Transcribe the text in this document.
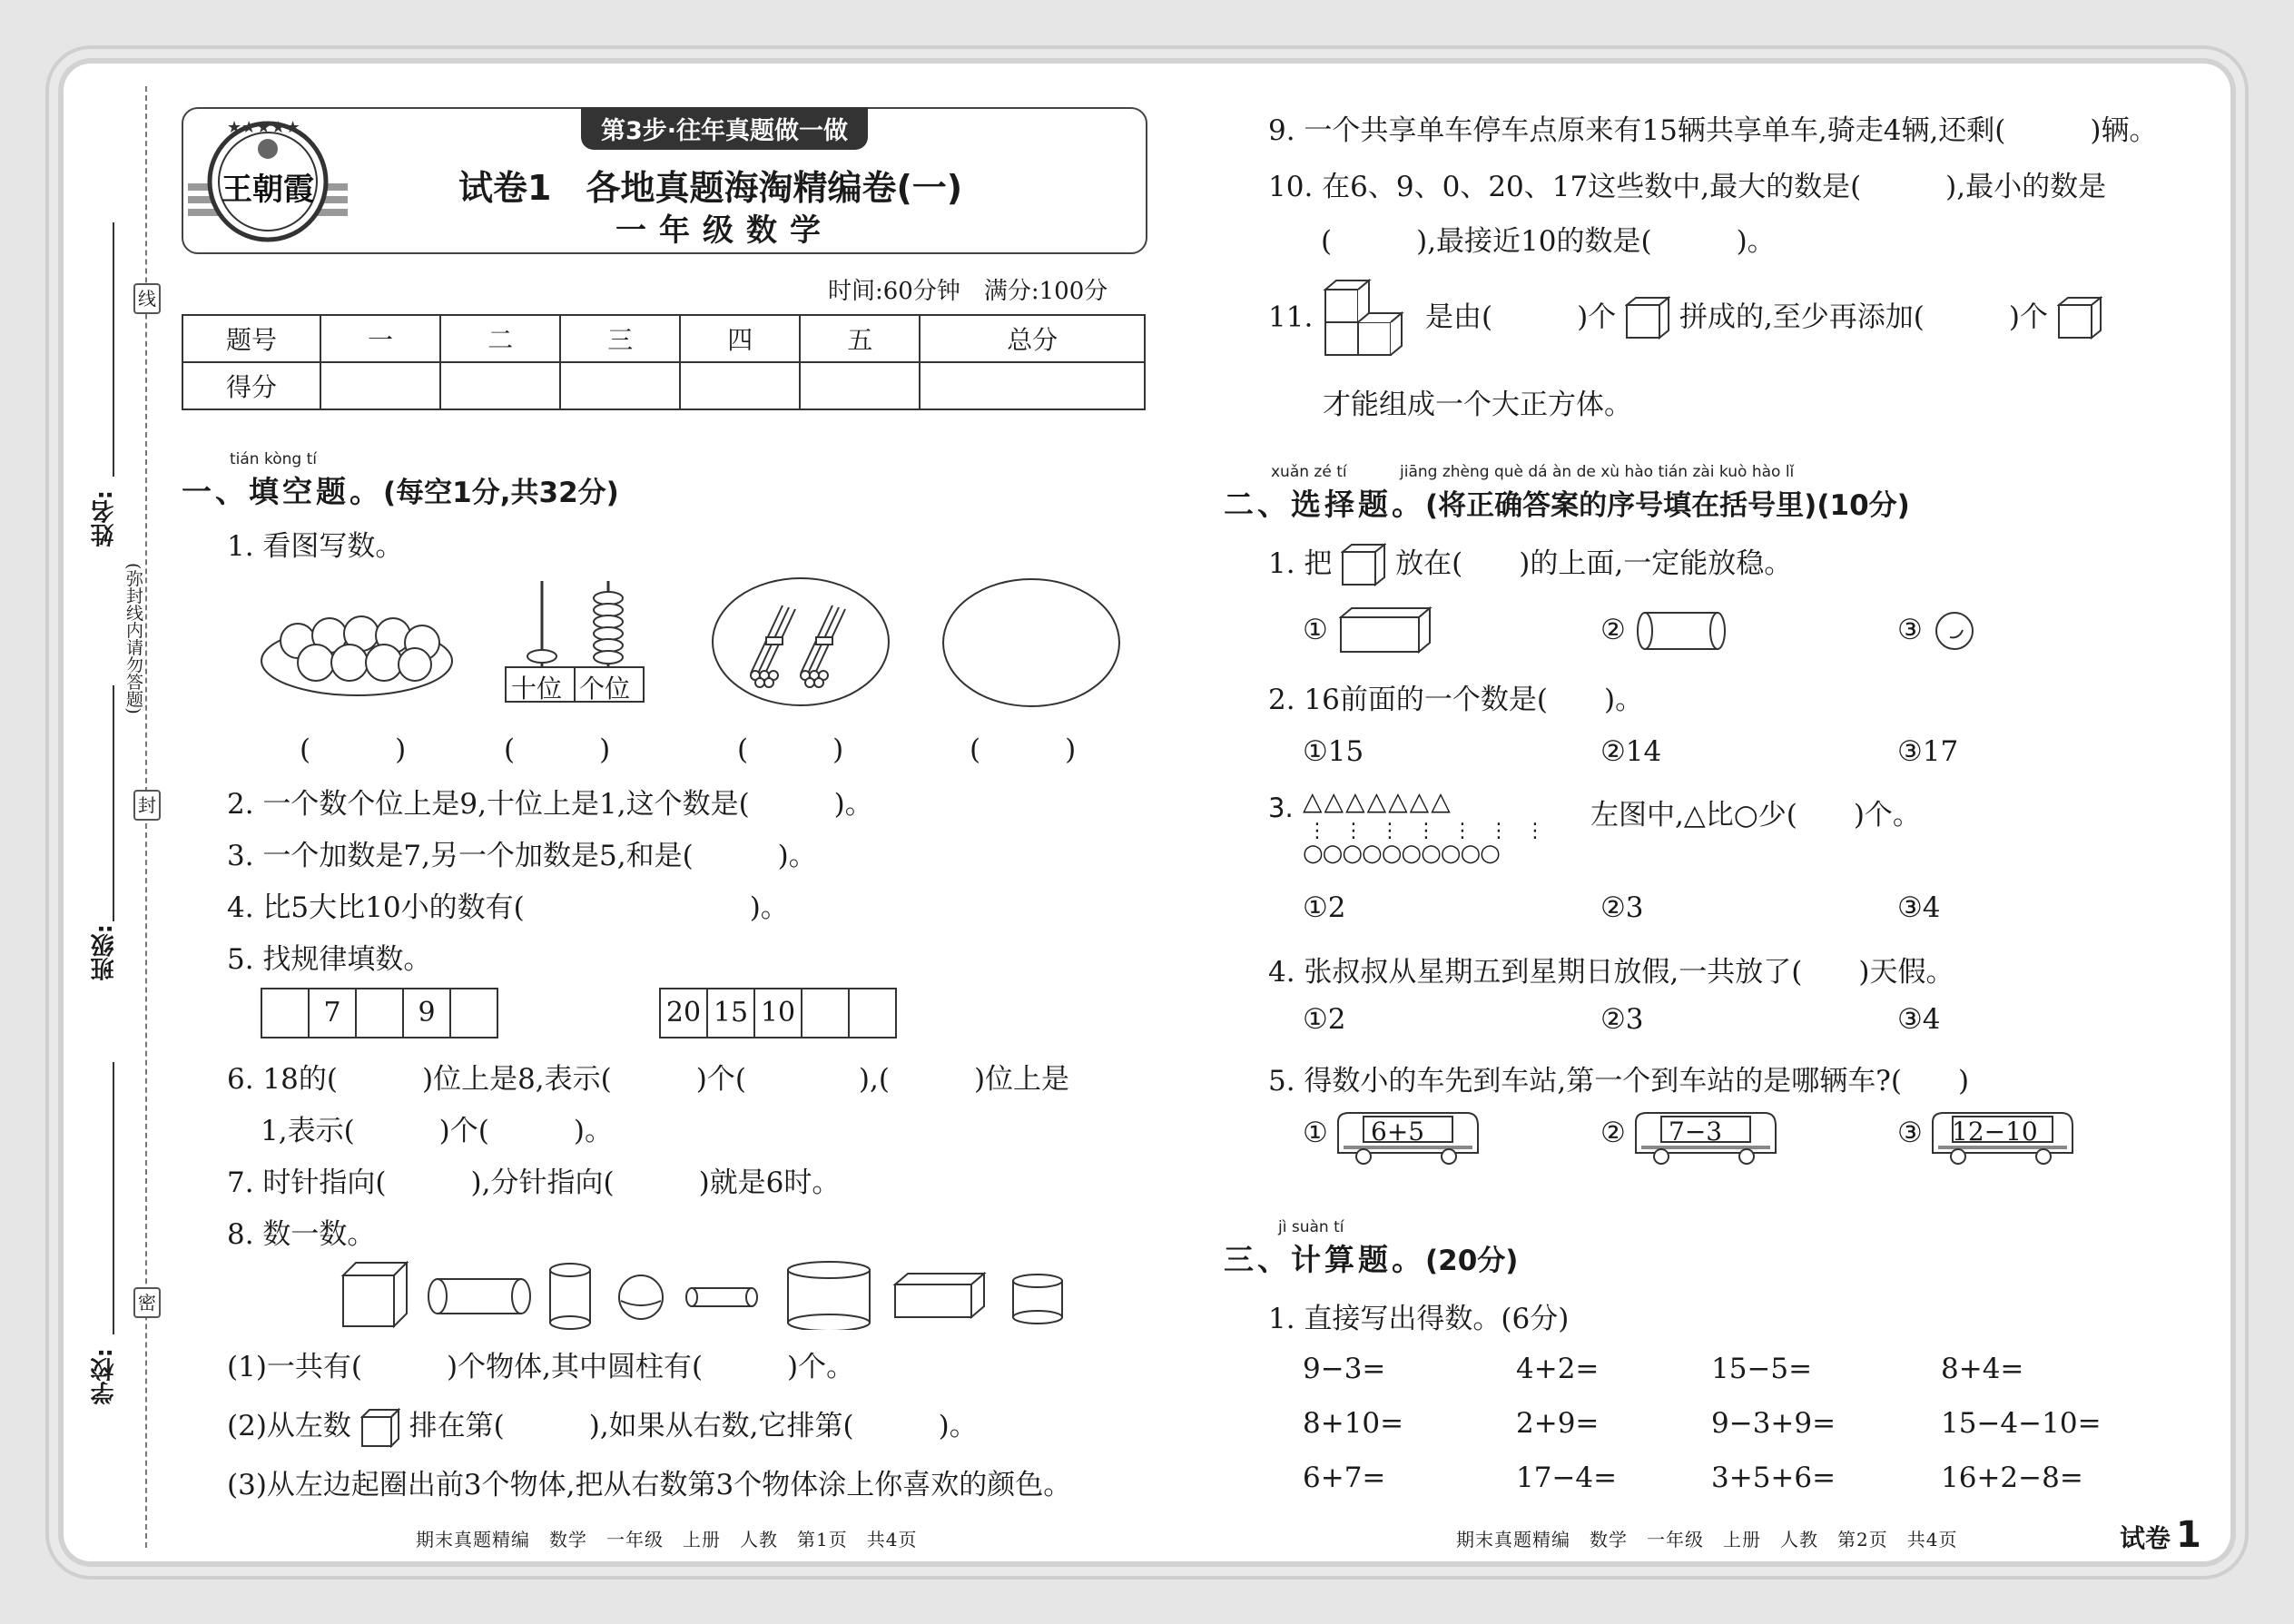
线
封
密
(弥封线内请勿答题)
姓名:
班级:
学校:
第3步·往年真题做一做
★★★★★
王朝霞	试卷1　各地真题海淘精编卷(一)
一年级数学
时间:60分钟　满分:100分
题号	一	二	三	四	五	总分
得分						
tián kòng tí
一、填空题。(每空1分,共32分)
1. 看图写数。
十位 个位
(　　　)	(　　　)	(　　　)	(　　　)
2. 一个数个位上是9,十位上是1,这个数是(　　　)。
3. 一个加数是7,另一个加数是5,和是(　　　)。
4. 比5大比10小的数有(　　　　　　　　)。
5. 找规律填数。
7	9	20 15 10
6. 18的(　　　)位上是8,表示(　　　)个(　　　　),(　　　)位上是
1,表示(　　　)个(　　　)。
7. 时针指向(　　　),分针指向(　　　)就是6时。
8. 数一数。
(1)一共有(　　　)个物体,其中圆柱有(　　　)个。
(2)从左数 排在第(　　　),如果从右数,它排第(　　　)。
(3)从左边起圈出前3个物体,把从右数第3个物体涂上你喜欢的颜色。
期末真题精编　数学　一年级　上册　人教　第1页　共4页
9. 一个共享单车停车点原来有15辆共享单车,骑走4辆,还剩(　　　)辆。
10. 在6、9、0、20、17这些数中,最大的数是(　　　),最小的数是
(　　　),最接近10的数是(　　　)。
11.	是由(　　　)个 拼成的,至少再添加(　　　)个
才能组成一个大正方体。
xuǎn zé tí	jiāng zhèng què dá àn de xù hào tián zài kuò hào lǐ
二、选择题。(将正确答案的序号填在括号里)(10分)
1. 把 放在(　　)的上面,一定能放稳。
①	②	③
2. 16前面的一个数是(　　)。
①15	②14	③17
3. △△△△△△△
⋮　⋮　⋮　⋮　⋮　⋮　⋮
○○○○○○○○○○
左图中,△比○少(　　)个。
①2	②3	③4
4. 张叔叔从星期五到星期日放假,一共放了(　　)天假。
①2	②3	③4
5. 得数小的车先到车站,第一个到车站的是哪辆车?(　　)
① 6+5	② 7−3	③ 12−10
jì suàn tí
三、计算题。(20分)
1. 直接写出得数。(6分)
9−3=	4+2=	15−5=	8+4=
8+10=	2+9=	9−3+9=	15−4−10=
6+7=	17−4=	3+5+6=	16+2−8=
期末真题精编　数学　一年级　上册　人教　第2页　共4页	试卷 1
